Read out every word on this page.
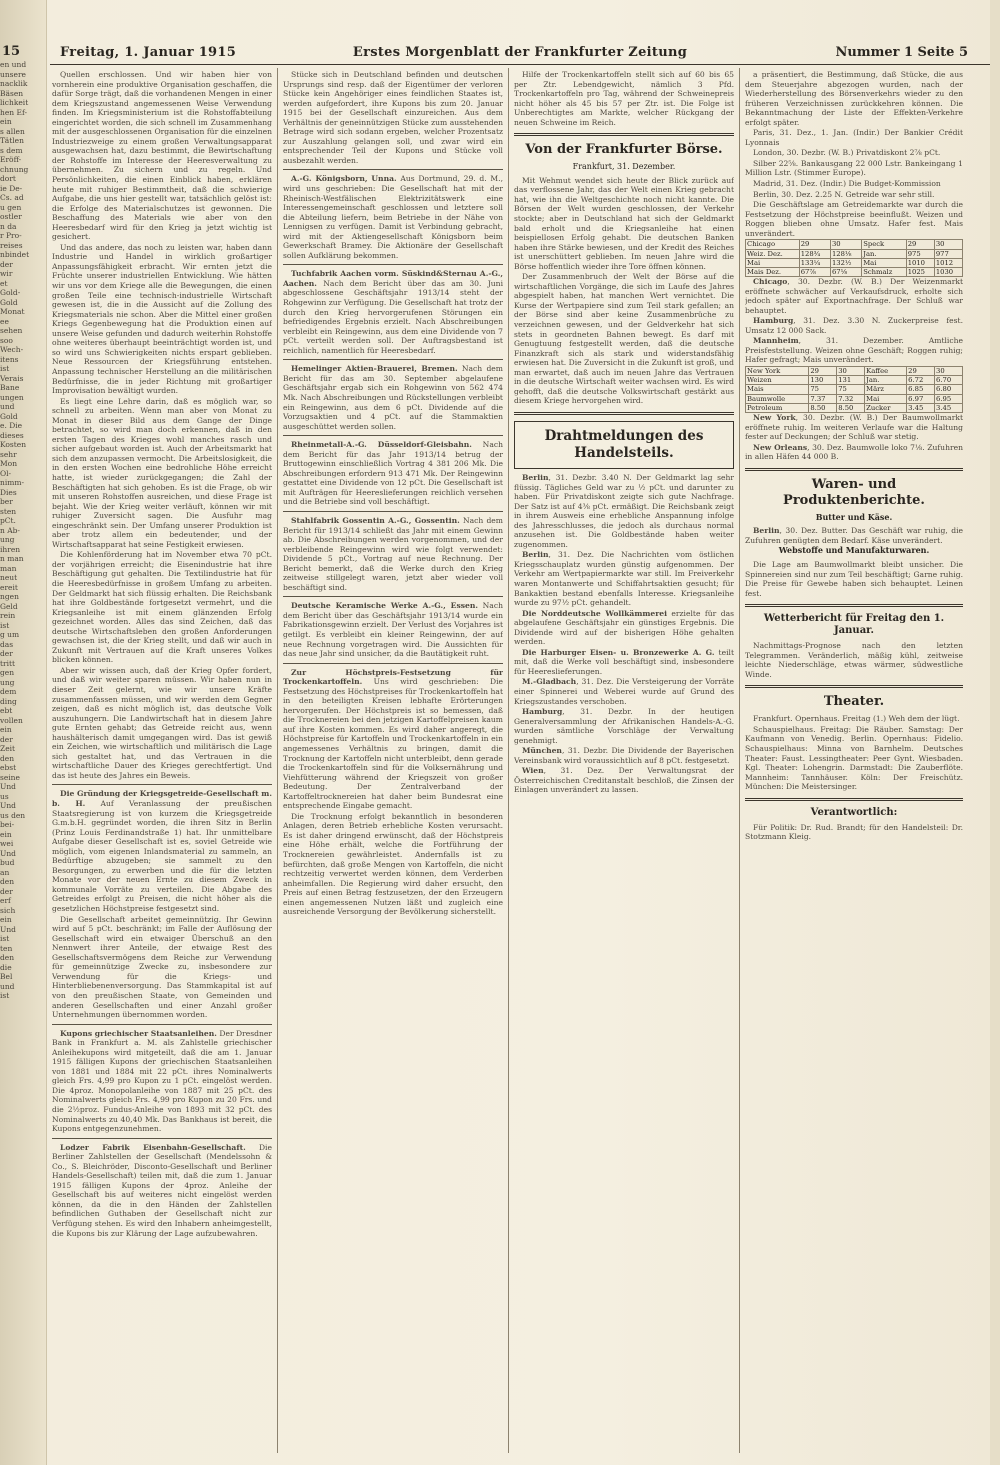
en und
unsere
nacklik
Bäsen
lichkeit
hen Ef-
ein
s allen
Tätlen
s dem
Eröff-
chnung
dort
ie De-
Cs. ad
u gen
ostler
n da
r Pro-
reises
nbindet
der
wir
et
Gold-
Gold
Monat
ee
sehen
soo
Wech-
itens
ist
Verais
Bane
ungen
und
Gold
e. Die
dieses
Kosten
sehr
Mon
Ol-
nimm-
Dies
ber
sten
pCt.
n Ab-
ung
ihren
n man
man
neut
ereit
ngen
Geld
rein
ist
g um
das
der
tritt
gen
ung
dem
ding
ebt
vollen
ein
der
Zeit
den
ebst
seine
Und
us
Und
us den
bei-
ein
wei
Und
bud
an
den
der
erf
sich
ein
Und
ist
ten
den
die
Bel
und
ist
15	Freitag, 1. Januar 1915	Erstes Morgenblatt der Frankfurter Zeitung	Nummer 1 Seite 5

Quellen erschlossen. Und wir haben hier von vornherein eine produktive Organisation geschaffen, die dafür Sorge trägt, daß die vorhandenen Mengen in einer dem Kriegszustand angemessenen Weise Verwendung finden. Im Kriegsministerium ist die Rohstoffabteilung eingerichtet worden, die sich schnell im Zusammenhang mit der ausgeschlossenen Organisation für die einzelnen Industriezweige zu einem großen Verwaltungsapparat ausgewachsen hat, dazu bestimmt, die Bewirtschaftung der Rohstoffe im Interesse der Heeresverwaltung zu übernehmen. Zu sichern und zu regeln. Und Persönlichkeiten, die einen Einblick haben, erklären heute mit ruhiger Bestimmtheit, daß die schwierige Aufgabe, die uns hier gestellt war, tatsächlich gelöst ist: die Erfolge des Materialschutzes ist gewonnen. Die Beschaffung des Materials wie aber von den Heeresbedarf wird für den Krieg ja jetzt wichtig ist gesichert.

Und das andere, das noch zu leisten war, haben dann Industrie und Handel in wirklich großartiger Anpassungsfähigkeit erbracht. Wir ernten jetzt die Früchte unserer industriellen Entwicklung. Wie hätten wir uns vor dem Kriege alle die Bewegungen, die einen großen Teile eine technisch-industrielle Wirtschaft gewesen ist, die in die Aussicht auf die Zollung des Kriegsmaterials nie schon. Aber die Mittel einer großen Kriegs Gegenbewegung hat die Produktion einen auf unsere Weise gefunden und dadurch weiterhin Rohstoffe ohne weiteres überhaupt beeinträchtigt worden ist, und so wird uns Schwierigkeiten nichts erspart geblieben. Neue Ressourcen der Kriegsführung entstehen. Anpassung technischer Herstellung an die militärischen Bedürfnisse, die in jeder Richtung mit großartiger Improvisation bewältigt wurden.

Es liegt eine Lehre darin, daß es möglich war, so schnell zu arbeiten. Wenn man aber von Monat zu Monat in dieser Bild aus dem Gange der Dinge betrachtet, so wird man doch erkennen, daß in den ersten Tagen des Krieges wohl manches rasch und sicher aufgebaut worden ist. Auch der Arbeitsmarkt hat sich dem anzupassen vermocht. Die Arbeitslosigkeit, die in den ersten Wochen eine bedrohliche Höhe erreicht hatte, ist wieder zurückgegangen; die Zahl der Beschäftigten hat sich gehoben. Es ist die Frage, ob wir mit unseren Rohstoffen ausreichen, und diese Frage ist bejaht. Wie der Krieg weiter verläuft, können wir mit ruhiger Zuversicht sagen. Die Ausfuhr mag eingeschränkt sein. Der Umfang unserer Produktion ist aber trotz allem ein bedeutender, und der Wirtschaftsapparat hat seine Festigkeit erwiesen.

Die Kohlenförderung hat im November etwa 70 pCt. der vorjährigen erreicht; die Eisenindustrie hat ihre Beschäftigung gut gehalten. Die Textilindustrie hat für die Heeresbedürfnisse in großem Umfang zu arbeiten. Der Geldmarkt hat sich flüssig erhalten. Die Reichsbank hat ihre Goldbestände fortgesetzt vermehrt, und die Kriegsanleihe ist mit einem glänzenden Erfolg gezeichnet worden. Alles das sind Zeichen, daß das deutsche Wirtschaftsleben den großen Anforderungen gewachsen ist, die der Krieg stellt, und daß wir auch in Zukunft mit Vertrauen auf die Kraft unseres Volkes blicken können.

Aber wir wissen auch, daß der Krieg Opfer fordert, und daß wir weiter sparen müssen. Wir haben nun in dieser Zeit gelernt, wie wir unsere Kräfte zusammenfassen müssen, und wir werden dem Gegner zeigen, daß es nicht möglich ist, das deutsche Volk auszuhungern. Die Landwirtschaft hat in diesem Jahre gute Ernten gehabt; das Getreide reicht aus, wenn haushälterisch damit umgegangen wird. Das ist gewiß ein Zeichen, wie wirtschaftlich und militärisch die Lage sich gestaltet hat, und das Vertrauen in die wirtschaftliche Dauer des Krieges gerechtfertigt. Und das ist heute des Jahres ein Beweis.

Die Gründung der Kriegsgetreide-Gesellschaft m. b. H. Auf Veranlassung der preußischen Staatsregierung ist von kurzem die Kriegsgetreide G.m.b.H. gegründet worden, die ihren Sitz in Berlin (Prinz Louis Ferdinandstraße 1) hat. Ihr unmittelbare Aufgabe dieser Gesellschaft ist es, soviel Getreide wie möglich, vom eigenen Inlandsmaterial zu sammeln, an Bedürftige abzugeben; sie sammelt zu den Besorgungen, zu erwerben und die für die letzten Monate vor der neuen Ernte zu diesem Zweck in kommunale Vorräte zu verteilen. Die Abgabe des Getreides erfolgt zu Preisen, die nicht höher als die gesetzlichen Höchstpreise festgesetzt sind.

Die Gesellschaft arbeitet gemeinnützig. Ihr Gewinn wird auf 5 pCt. beschränkt; im Falle der Auflösung der Gesellschaft wird ein etwaiger Überschuß an den Nennwert ihrer Anteile, der etwaige Rest des Gesellschaftsvermögens dem Reiche zur Verwendung für gemeinnützige Zwecke zu, insbesondere zur Verwendung für die Kriegs- und Hinterbliebenenversorgung. Das Stammkapital ist auf von den preußischen Staate, von Gemeinden und anderen Gesellschaften und einer Anzahl großer Unternehmungen übernommen worden.

Kupons griechischer Staatsanleihen. Der Dresdner Bank in Frankfurt a. M. als Zahlstelle griechischer Anleihekupons wird mitgeteilt, daß die am 1. Januar 1915 fälligen Kupons der griechischen Staatsanleihen von 1881 und 1884 mit 22 pCt. ihres Nominalwerts gleich Frs. 4,99 pro Kupon zu 1 pCt. eingelöst werden. Die 4proz. Monopolanleihe von 1887 mit 25 pCt. des Nominalwerts gleich Frs. 4,99 pro Kupon zu 20 Frs. und die 2½proz. Fundus-Anleihe von 1893 mit 32 pCt. des Nominalwerts zu 40,40 Mk. Das Bankhaus ist bereit, die Kupons entgegenzunehmen.

Lodzer Fabrik Eisenbahn-Gesellschaft. Die Berliner Zahlstellen der Gesellschaft (Mendelssohn & Co., S. Bleichröder, Disconto-Gesellschaft und Berliner Handels-Gesellschaft) teilen mit, daß die zum 1. Januar 1915 fälligen Kupons der 4proz. Anleihe der Gesellschaft bis auf weiteres nicht eingelöst werden können, da die in den Händen der Zahlstellen befindlichen Guthaben der Gesellschaft nicht zur Verfügung stehen. Es wird den Inhabern anheimgestellt, die Kupons bis zur Klärung der Lage aufzubewahren.

Stücke sich in Deutschland befinden und deutschen Ursprungs sind resp. daß der Eigentümer der verloren Stücke kein Angehöriger eines feindlichen Staates ist, werden aufgefordert, ihre Kupons bis zum 20. Januar 1915 bei der Gesellschaft einzureichen. Aus dem Verhältnis der geneinnützigen Stücke zum ausstehenden Betrage wird sich sodann ergeben, welcher Prozentsatz zur Auszahlung gelangen soll, und zwar wird ein entsprechender Teil der Kupons und Stücke voll ausbezahlt werden.

A.-G. Königsborn, Unna. Aus Dortmund, 29. d. M., wird uns geschrieben: Die Gesellschaft hat mit der Rheinisch-Westfälischen Elektrizitätswerk eine Interessengemeinschaft geschlossen und letztere soll die Abteilung liefern, beim Betriebe in der Nähe von Lennigsen zu verfügen. Damit ist Verbindung gebracht, wird mit der Aktiengesellschaft Königsborn beim Gewerkschaft Bramey. Die Aktionäre der Gesellschaft sollen Aufklärung bekommen.

Tuchfabrik Aachen vorm. Süskind&Sternau A.-G., Aachen. Nach dem Bericht über das am 30. Juni abgeschlossene Geschäftsjahr 1913/14 steht der Rohgewinn zur Verfügung. Die Gesellschaft hat trotz der durch den Krieg hervorgerufenen Störungen ein befriedigendes Ergebnis erzielt. Nach Abschreibungen verbleibt ein Reingewinn, aus dem eine Dividende von 7 pCt. verteilt werden soll. Der Auftragsbestand ist reichlich, namentlich für Heeresbedarf.

Hemelinger Aktien-Brauerei, Bremen. Nach dem Bericht für das am 30. September abgelaufene Geschäftsjahr ergab sich ein Rohgewinn von 562 474 Mk. Nach Abschreibungen und Rückstellungen verbleibt ein Reingewinn, aus dem 6 pCt. Dividende auf die Vorzugsaktien und 4 pCt. auf die Stammaktien ausgeschüttet werden sollen.

Rheinmetall-A.-G. Düsseldorf-Gleisbahn. Nach dem Bericht für das Jahr 1913/14 betrug der Bruttogewinn einschließlich Vortrag 4 381 206 Mk. Die Abschreibungen erfordern 913 471 Mk. Der Reingewinn gestattet eine Dividende von 12 pCt. Die Gesellschaft ist mit Aufträgen für Heereslieferungen reichlich versehen und die Betriebe sind voll beschäftigt.

Stahlfabrik Gossentin A.-G., Gossentin. Nach dem Bericht für 1913/14 schließt das Jahr mit einem Gewinn ab. Die Abschreibungen werden vorgenommen, und der verbleibende Reingewinn wird wie folgt verwendet: Dividende 5 pCt., Vortrag auf neue Rechnung. Der Bericht bemerkt, daß die Werke durch den Krieg zeitweise stillgelegt waren, jetzt aber wieder voll beschäftigt sind.

Deutsche Keramische Werke A.-G., Essen. Nach dem Bericht über das Geschäftsjahr 1913/14 wurde ein Fabrikationsgewinn erzielt. Der Verlust des Vorjahres ist getilgt. Es verbleibt ein kleiner Reingewinn, der auf neue Rechnung vorgetragen wird. Die Aussichten für das neue Jahr sind unsicher, da die Bautätigkeit ruht.

Zur Höchstpreis-Festsetzung für Trockenkartoffeln. Uns wird geschrieben: Die Festsetzung des Höchstpreises für Trockenkartoffeln hat in den beteiligten Kreisen lebhafte Erörterungen hervorgerufen. Der Höchstpreis ist so bemessen, daß die Trocknereien bei den jetzigen Kartoffelpreisen kaum auf ihre Kosten kommen. Es wird daher angeregt, die Höchstpreise für Kartoffeln und Trockenkartoffeln in ein angemessenes Verhältnis zu bringen, damit die Trocknung der Kartoffeln nicht unterbleibt, denn gerade die Trockenkartoffeln sind für die Volksernährung und Viehfütterung während der Kriegszeit von großer Bedeutung. Der Zentralverband der Kartoffeltrocknereien hat daher beim Bundesrat eine entsprechende Eingabe gemacht.

Die Trocknung erfolgt bekanntlich in besonderen Anlagen, deren Betrieb erhebliche Kosten verursacht. Es ist daher dringend erwünscht, daß der Höchstpreis eine Höhe erhält, welche die Fortführung der Trocknereien gewährleistet. Andernfalls ist zu befürchten, daß große Mengen von Kartoffeln, die nicht rechtzeitig verwertet werden können, dem Verderben anheimfallen. Die Regierung wird daher ersucht, den Preis auf einen Betrag festzusetzen, der den Erzeugern einen angemessenen Nutzen läßt und zugleich eine ausreichende Versorgung der Bevölkerung sicherstellt.

Hilfe der Trockenkartoffeln stellt sich auf 60 bis 65 per Ztr. Lebendgewicht, nämlich 3 Pfd. Trockenkartoffeln pro Tag, während der Schweinepreis nicht höher als 45 bis 57 per Ztr. ist. Die Folge ist Unberechtigtes am Markte, welcher Rückgang der neuen Schweine im Reich.

Von der Frankfurter Börse.
Frankfurt, 31. Dezember.

Mit Wehmut wendet sich heute der Blick zurück auf das verflossene Jahr, das der Welt einen Krieg gebracht hat, wie ihn die Weltgeschichte noch nicht kannte. Die Börsen der Welt wurden geschlossen, der Verkehr stockte; aber in Deutschland hat sich der Geldmarkt bald erholt und die Kriegsanleihe hat einen beispiellosen Erfolg gehabt. Die deutschen Banken haben ihre Stärke bewiesen, und der Kredit des Reiches ist unerschüttert geblieben. Im neuen Jahre wird die Börse hoffentlich wieder ihre Tore öffnen können.

Der Zusammenbruch der Welt der Börse auf die wirtschaftlichen Vorgänge, die sich im Laufe des Jahres abgespielt haben, hat manchen Wert vernichtet. Die Kurse der Wertpapiere sind zum Teil stark gefallen; an der Börse sind aber keine Zusammenbrüche zu verzeichnen gewesen, und der Geldverkehr hat sich stets in geordneten Bahnen bewegt. Es darf mit Genugtuung festgestellt werden, daß die deutsche Finanzkraft sich als stark und widerstandsfähig erwiesen hat. Die Zuversicht in die Zukunft ist groß, und man erwartet, daß auch im neuen Jahre das Vertrauen in die deutsche Wirtschaft weiter wachsen wird. Es wird gehofft, daß die deutsche Volkswirtschaft gestärkt aus diesem Kriege hervorgehen wird.

Drahtmeldungen des Handelsteils.

Berlin, 31. Dezbr. 3.40 N. Der Geldmarkt lag sehr flüssig. Tägliches Geld war zu ½ pCt. und darunter zu haben. Für Privatdiskont zeigte sich gute Nachfrage. Der Satz ist auf 4⅜ pCt. ermäßigt. Die Reichsbank zeigt in ihrem Ausweis eine erhebliche Anspannung infolge des Jahresschlusses, die jedoch als durchaus normal anzusehen ist. Die Goldbestände haben weiter zugenommen.

Berlin, 31. Dez. Die Nachrichten vom östlichen Kriegsschauplatz wurden günstig aufgenommen. Der Verkehr am Wertpapiermarkte war still. Im Freiverkehr waren Montanwerte und Schiffahrtsaktien gesucht; für Bankaktien bestand ebenfalls Interesse. Kriegsanleihe wurde zu 97½ pCt. gehandelt.

Die Norddeutsche Wollkämmerei erzielte für das abgelaufene Geschäftsjahr ein günstiges Ergebnis. Die Dividende wird auf der bisherigen Höhe gehalten werden.

Die Harburger Eisen- u. Bronzewerke A. G. teilt mit, daß die Werke voll beschäftigt sind, insbesondere für Heereslieferungen.

M.-Gladbach, 31. Dez. Die Versteigerung der Vorräte einer Spinnerei und Weberei wurde auf Grund des Kriegszustandes verschoben.

Hamburg, 31. Dezbr. In der heutigen Generalversammlung der Afrikanischen Handels-A.-G. wurden sämtliche Vorschläge der Verwaltung genehmigt.

München, 31. Dezbr. Die Dividende der Bayerischen Vereinsbank wird voraussichtlich auf 8 pCt. festgesetzt.

Wien, 31. Dez. Der Verwaltungsrat der Österreichischen Creditanstalt beschloß, die Zinsen der Einlagen unverändert zu lassen.

a präsentiert, die Bestimmung, daß Stücke, die aus dem Steuerjahre abgezogen wurden, nach der Wiederherstellung des Börsenverkehrs wieder zu den früheren Verzeichnissen zurückkehren können. Die Bekanntmachung der Liste der Effekten-Verkehre erfolgt später.

Paris, 31. Dez., 1. Jan. (Indir.) Der Bankier Crédit Lyonnais

London, 30. Dezbr. (W. B.) Privatdiskont 2⅞ pCt.

Silber 22⅝. Bankausgang 22 000 Lstr. Bankeingang 1 Million Lstr. (Stimmer Europe).

Madrid, 31. Dez. (Indir.) Die Budget-Kommission

Berlin, 30. Dez. 2.25 N. Getreide war sehr still.

Die Geschäftslage am Getreidemarkte war durch die Festsetzung der Höchstpreise beeinflußt. Weizen und Roggen blieben ohne Umsatz. Hafer fest. Mais unverändert.

Chicago	29	30	Speck	29	30
Weiz. Dez.	128¾	128⅛	Jan.	975	977
Mai	133¼	132½	Mai	1010	1012
Mais Dez.	67⅞	67⅛	Schmalz	1025	1030

Chicago, 30. Dezbr. (W. B.) Der Weizenmarkt eröffnete schwächer auf Verkaufsdruck, erholte sich jedoch später auf Exportnachfrage. Der Schluß war behauptet.

Hamburg, 31. Dez. 3.30 N. Zuckerpreise fest. Umsatz 12 000 Sack.

Mannheim, 31. Dezember. Amtliche Preisfeststellung. Weizen ohne Geschäft; Roggen ruhig; Hafer gefragt; Mais unverändert.

New York	29	30	Kaffee	29	30
Weizen	130	131	Jan.	6.72	6.70
Mais	75	75	März	6.85	6.80
Baumwolle	7.37	7.32	Mai	6.97	6.95
Petroleum	8.50	8.50	Zucker	3.45	3.45

New York, 30. Dezbr. (W. B.) Der Baumwollmarkt eröffnete ruhig. Im weiteren Verlaufe war die Haltung fester auf Deckungen; der Schluß war stetig.

New Orleans, 30. Dez. Baumwolle loko 7⅛. Zufuhren in allen Häfen 44 000 B.

Waren- und Produktenberichte.
Butter und Käse.

Berlin, 30. Dez. Butter. Das Geschäft war ruhig, die Zufuhren genügten dem Bedarf. Käse unverändert.

Webstoffe und Manufakturwaren.

Die Lage am Baumwollmarkt bleibt unsicher. Die Spinnereien sind nur zum Teil beschäftigt; Garne ruhig. Die Preise für Gewebe haben sich behauptet. Leinen fest.

Wetterbericht für Freitag den 1. Januar.

Nachmittags-Prognose nach den letzten Telegrammen. Veränderlich, mäßig kühl, zeitweise leichte Niederschläge, etwas wärmer, südwestliche Winde.

Theater.

Frankfurt. Opernhaus. Freitag (1.) Weh dem der lügt.

Schauspielhaus. Freitag: Die Räuber. Samstag: Der Kaufmann von Venedig. Berlin. Opernhaus: Fidelio. Schauspielhaus: Minna von Barnhelm. Deutsches Theater: Faust. Lessingtheater: Peer Gynt. Wiesbaden. Kgl. Theater: Lohengrin. Darmstadt: Die Zauberflöte. Mannheim: Tannhäuser. Köln: Der Freischütz. München: Die Meistersinger.

Verantwortlich:

Für Politik: Dr. Rud. Brandt; für den Handelsteil: Dr. Stotzmann Kleig.
